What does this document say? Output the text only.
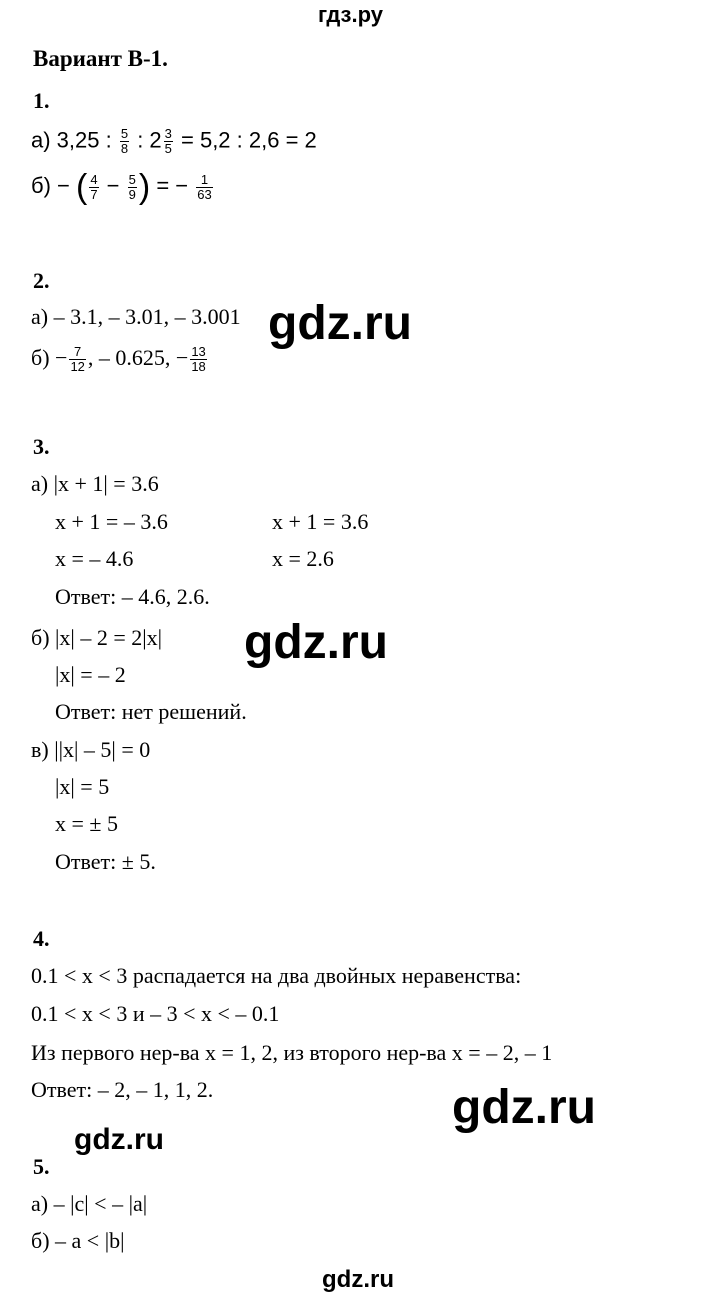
гдз.ру
Вариант В-1.
1.
а) 3,25 : $\frac{5}{8}$ : $2 \frac{3}{5} = 5,2$ : 2,6 = 2
б) − ( $\frac{4}{7} - \frac{5}{9}$ ) = − $\frac{1}{63}$
2.
а) – 3.1, – 3.01, – 3.001
$б) - \frac{7}{12}$ , – 0.625, − $\frac{13}{18}$
3.
а) |x + 1| = 3.6
x + 1 = – 3.6	x + 1 = 3.6
x = – 4.6	x = 2.6
Ответ: – 4.6, 2.6.
б) |x| – 2 = 2|x|
|x| = – 2
Ответ: нет решений.
в) ||x| – 5| = 0
|x| = 5
x = ± 5
Ответ: ± 5.
4.
0.1 < x < 3 распадается на два двойных неравенства:
0.1 < x < 3 и – 3 < x < – 0.1
Из первого нер-ва x = 1, 2, из второго нер-ва x = – 2, – 1
Ответ: – 2, – 1, 1, 2.
5.
а) – |c| < – |a|
б) – a < |b|
gdz.ru
gdz.ru
gdz.ru
gdz.ru
gdz.ru
